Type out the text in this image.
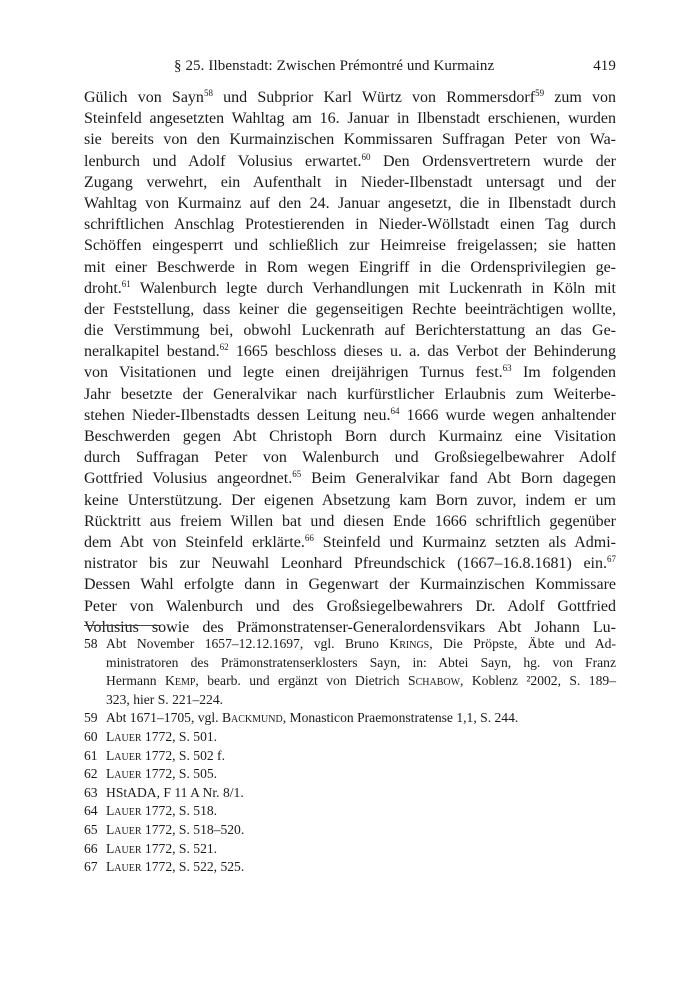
§ 25. Ilbenstadt: Zwischen Prémontré und Kurmainz	419
Gülich von Sayn$^{58}$ und Subprior Karl Würtz von Rommersdorf$^{59}$ zum von
Steinfeld angesetzten Wahltag am 16. Januar in Ilbenstadt erschienen, wurden
sie bereits von den Kurmainzischen Kommissaren Suffragan Peter von Wa-
lenburch und Adolf Volusius erwartet.$^{60}$ Den Ordensvertretern wurde der
Zugang verwehrt, ein Aufenthalt in Nieder-Ilbenstadt untersagt und der
Wahltag von Kurmainz auf den 24. Januar angesetzt, die in Ilbenstadt durch
schriftlichen Anschlag Protestierenden in Nieder-Wöllstadt einen Tag durch
Schöffen eingesperrt und schließlich zur Heimreise freigelassen; sie hatten
mit einer Beschwerde in Rom wegen Eingriff in die Ordensprivilegien ge-
droht.$^{61}$ Walenburch legte durch Verhandlungen mit Luckenrath in Köln mit
der Feststellung, dass keiner die gegenseitigen Rechte beeinträchtigen wollte,
die Verstimmung bei, obwohl Luckenrath auf Berichterstattung an das Ge-
neralkapitel bestand.$^{62}$ 1665 beschloss dieses u. a. das Verbot der Behinderung
von Visitationen und legte einen dreijährigen Turnus fest.$^{63}$ Im folgenden
Jahr besetzte der Generalvikar nach kurfürstlicher Erlaubnis zum Weiterbe-
stehen Nieder-Ilbenstadts dessen Leitung neu.$^{64}$ 1666 wurde wegen anhaltender
Beschwerden gegen Abt Christoph Born durch Kurmainz eine Visitation
durch Suffragan Peter von Walenburch und Großsiegelbewahrer Adolf
Gottfried Volusius angeordnet.$^{65}$ Beim Generalvikar fand Abt Born dagegen
keine Unterstützung. Der eigenen Absetzung kam Born zuvor, indem er um
Rücktritt aus freiem Willen bat und diesen Ende 1666 schriftlich gegenüber
dem Abt von Steinfeld erklärte.$^{66}$ Steinfeld und Kurmainz setzten als Admi-
nistrator bis zur Neuwahl Leonhard Pfreundschick (1667–16.8.1681) ein.$^{67}$
Dessen Wahl erfolgte dann in Gegenwart der Kurmainzischen Kommissare
Peter von Walenburch und des Großsiegelbewahrers Dr. Adolf Gottfried
Volusius sowie des Prämonstratenser-Generalordensvikars Abt Johann Lu-
58 Abt November 1657–12.12.1697, vgl. Bruno Krings, Die Pröpste, Äbte und Ad-
ministratoren des Prämonstratenserklosters Sayn, in: Abtei Sayn, hg. von Franz
Hermann Kemp, bearb. und ergänzt von Dietrich Schabow, Koblenz ²2002, S. 189–
323, hier S. 221–224.
59 Abt 1671–1705, vgl. Backmund, Monasticon Praemonstratense 1,1, S. 244.
60 Lauer 1772, S. 501.
61 Lauer 1772, S. 502 f.
62 Lauer 1772, S. 505.
63 HStADA, F 11 A Nr. 8/1.
64 Lauer 1772, S. 518.
65 Lauer 1772, S. 518–520.
66 Lauer 1772, S. 521.
67 Lauer 1772, S. 522, 525.
